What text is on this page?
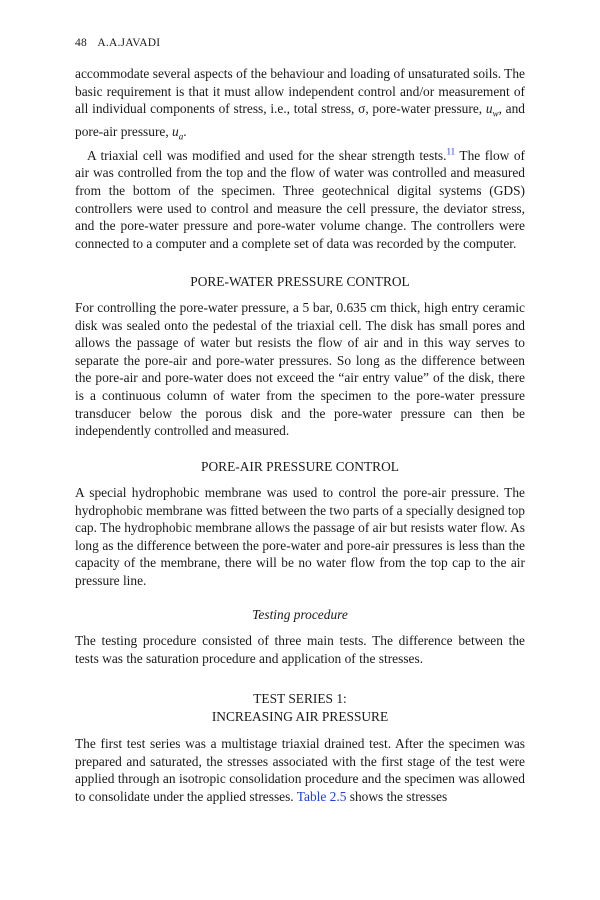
48 A.A.JAVADI

accommodate several aspects of the behaviour and loading of unsaturated soils. The basic requirement is that it must allow independent control and/or measurement of all individual components of stress, i.e., total stress, σ, pore-water pressure, $u_w$, and pore-air pressure, $u_a$.

A triaxial cell was modified and used for the shear strength tests.$^{11}$ The flow of air was controlled from the top and the flow of water was controlled and measured from the bottom of the specimen. Three geotechnical digital systems (GDS) controllers were used to control and measure the cell pressure, the deviator stress, and the pore-water pressure and pore-water volume change. The controllers were connected to a computer and a complete set of data was recorded by the computer.

PORE-WATER PRESSURE CONTROL

For controlling the pore-water pressure, a 5 bar, 0.635 cm thick, high entry ceramic disk was sealed onto the pedestal of the triaxial cell. The disk has small pores and allows the passage of water but resists the flow of air and in this way serves to separate the pore-air and pore-water pressures. So long as the difference between the pore-air and pore-water does not exceed the “air entry value” of the disk, there is a continuous column of water from the specimen to the pore-water pressure transducer below the porous disk and the pore-water pressure can then be independently controlled and measured.

PORE-AIR PRESSURE CONTROL

A special hydrophobic membrane was used to control the pore-air pressure. The hydrophobic membrane was fitted between the two parts of a specially designed top cap. The hydrophobic membrane allows the passage of air but resists water flow. As long as the difference between the pore-water and pore-air pressures is less than the capacity of the membrane, there will be no water flow from the top cap to the air pressure line.

Testing procedure

The testing procedure consisted of three main tests. The difference between the tests was the saturation procedure and application of the stresses.

TEST SERIES 1:
INCREASING AIR PRESSURE

The first test series was a multistage triaxial drained test. After the specimen was prepared and saturated, the stresses associated with the first stage of the test were applied through an isotropic consolidation procedure and the specimen was allowed to consolidate under the applied stresses. Table 2.5 shows the stresses
